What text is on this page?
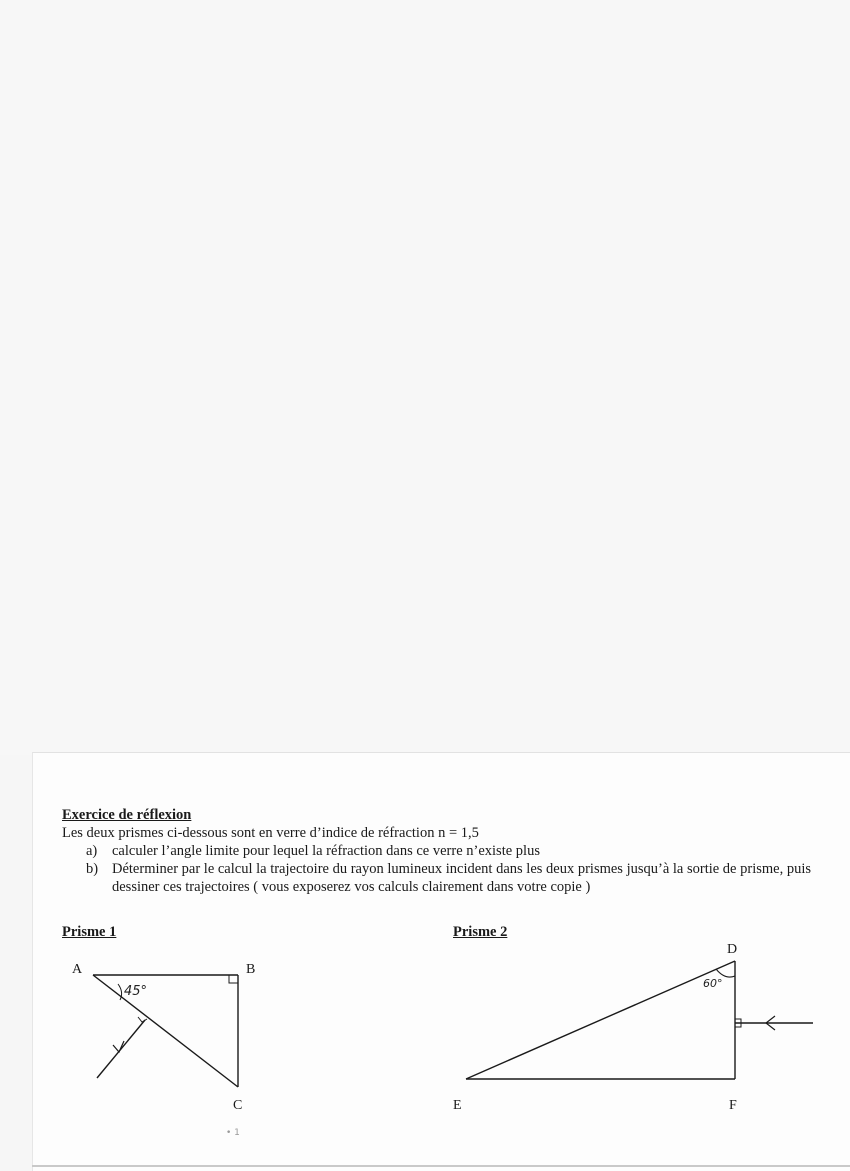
Exercice de réflexion
Les deux prismes ci-dessous sont en verre d’indice de réfraction n = 1,5
a) calculer l’angle limite pour lequel la réfraction dans ce verre n’existe plus
b) Déterminer par le calcul la trajectoire du rayon lumineux incident dans les deux prismes jusqu’à la sortie de prisme, puis dessiner ces trajectoires ( vous exposerez vos calculs clairement dans votre copie )
Prisme 1	Prisme 2
45°
60°
A	B
C
D
E	F
• 1
